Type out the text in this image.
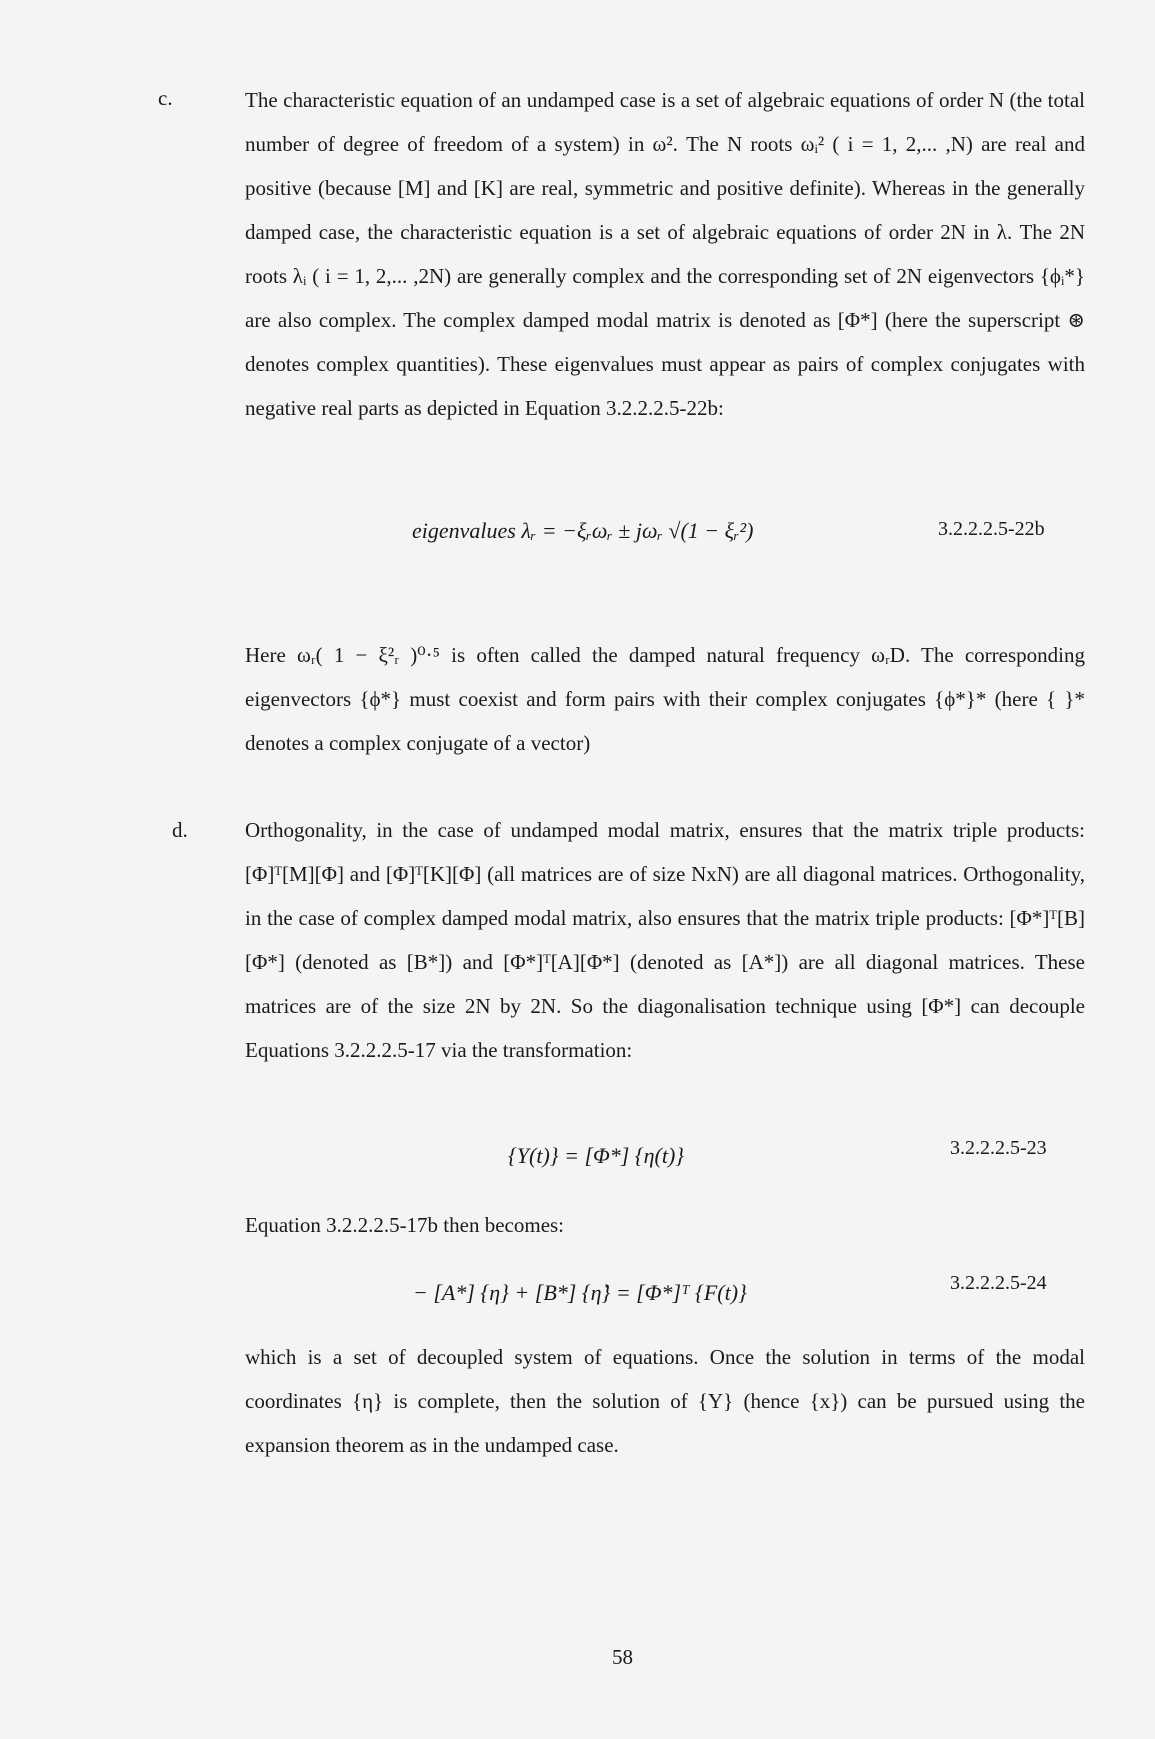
c.	The characteristic equation of an undamped case is a set of algebraic equations of order N (the total number of degree of freedom of a system) in ω². The N roots ωᵢ² ( i = 1, 2,... ,N) are real and positive (because [M] and [K] are real, symmetric and positive definite). Whereas in the generally damped case, the characteristic equation is a set of algebraic equations of order 2N in λ. The 2N roots λᵢ ( i = 1, 2,... ,2N) are generally complex and the corresponding set of 2N eigenvectors {ϕᵢ*} are also complex. The complex damped modal matrix is denoted as [Φ*] (here the superscript ⊛ denotes complex quantities). These eigenvalues must appear as pairs of complex conjugates with negative real parts as depicted in Equation 3.2.2.2.5-22b:
eigenvalues λᵣ = −ξᵣωᵣ ± jωᵣ √(1 − ξᵣ²)	3.2.2.2.5-22b
Here ωᵣ( 1 − ξ²ᵣ )⁰·⁵ is often called the damped natural frequency ωᵣD. The corresponding eigenvectors {ϕ*} must coexist and form pairs with their complex conjugates {ϕ*}* (here { }* denotes a complex conjugate of a vector)
d.	Orthogonality, in the case of undamped modal matrix, ensures that the matrix triple products: [Φ]ᵀ[M][Φ] and [Φ]ᵀ[K][Φ] (all matrices are of size NxN) are all diagonal matrices. Orthogonality, in the case of complex damped modal matrix, also ensures that the matrix triple products: [Φ*]ᵀ[B][Φ*] (denoted as [B*]) and [Φ*]ᵀ[A][Φ*] (denoted as [A*]) are all diagonal matrices. These matrices are of the size 2N by 2N. So the diagonalisation technique using [Φ*] can decouple Equations 3.2.2.2.5-17 via the transformation:
{Y(t)} = [Φ*] {η(t)}	3.2.2.2.5-23
Equation 3.2.2.2.5-17b then becomes:
− [A*] {η} + [B*] {η̇} = [Φ*]ᵀ {F(t)}	3.2.2.2.5-24
which is a set of decoupled system of equations. Once the solution in terms of the modal coordinates {η} is complete, then the solution of {Y} (hence {x}) can be pursued using the expansion theorem as in the undamped case.
58
